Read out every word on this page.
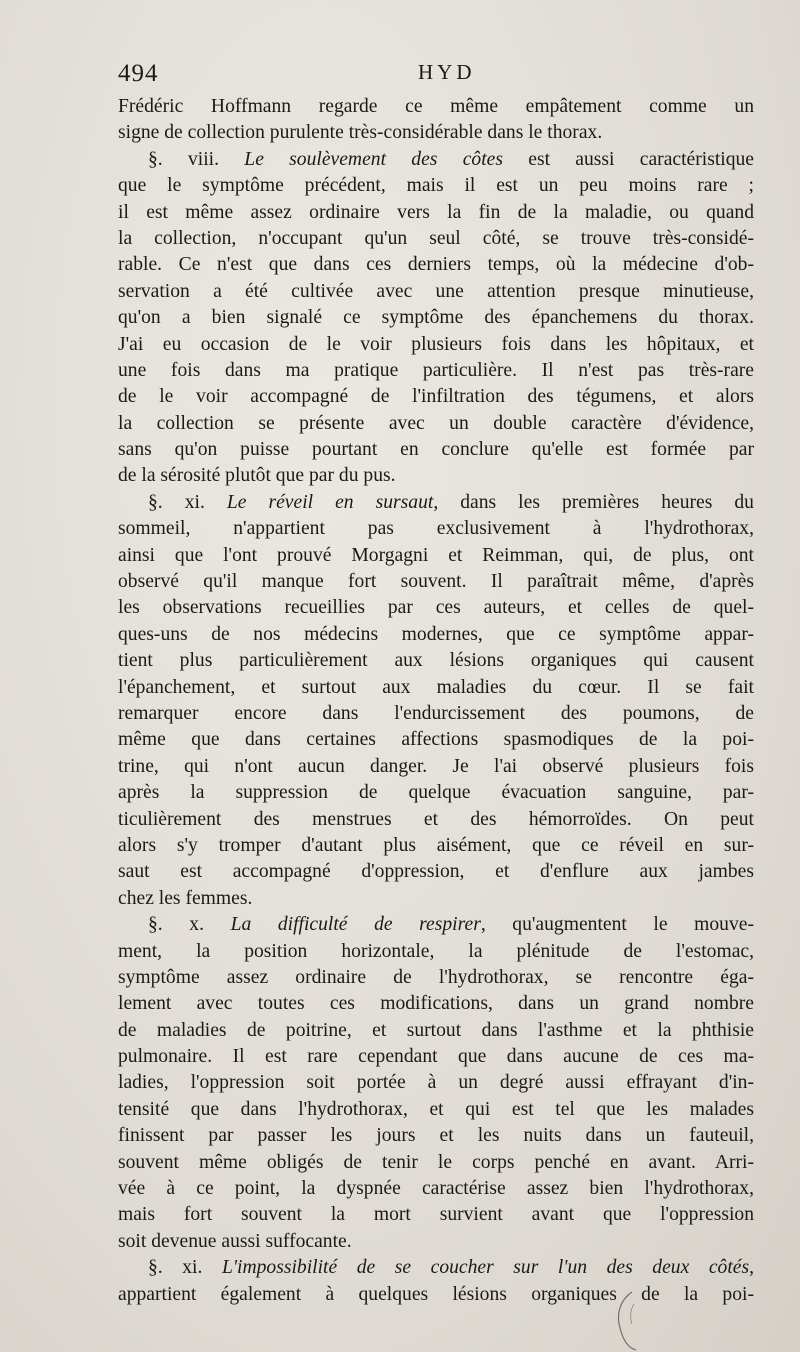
494	HYD
Frédéric Hoffmann regarde ce même empâtement comme un
signe de collection purulente très-considérable dans le thorax.
§. viii. Le soulèvement des côtes est aussi caractéristique
que le symptôme précédent, mais il est un peu moins rare ;
il est même assez ordinaire vers la fin de la maladie, ou quand
la collection, n'occupant qu'un seul côté, se trouve très-considé-
rable. Ce n'est que dans ces derniers temps, où la médecine d'ob-
servation a été cultivée avec une attention presque minutieuse,
qu'on a bien signalé ce symptôme des épanchemens du thorax.
J'ai eu occasion de le voir plusieurs fois dans les hôpitaux, et
une fois dans ma pratique particulière. Il n'est pas très-rare
de le voir accompagné de l'infiltration des tégumens, et alors
la collection se présente avec un double caractère d'évidence,
sans qu'on puisse pourtant en conclure qu'elle est formée par
de la sérosité plutôt que par du pus.
§. xi. Le réveil en sursaut, dans les premières heures du
sommeil, n'appartient pas exclusivement à l'hydrothorax,
ainsi que l'ont prouvé Morgagni et Reimman, qui, de plus, ont
observé qu'il manque fort souvent. Il paraîtrait même, d'après
les observations recueillies par ces auteurs, et celles de quel-
ques-uns de nos médecins modernes, que ce symptôme appar-
tient plus particulièrement aux lésions organiques qui causent
l'épanchement, et surtout aux maladies du cœur. Il se fait
remarquer encore dans l'endurcissement des poumons, de
même que dans certaines affections spasmodiques de la poi-
trine, qui n'ont aucun danger. Je l'ai observé plusieurs fois
après la suppression de quelque évacuation sanguine, par-
ticulièrement des menstrues et des hémorroïdes. On peut
alors s'y tromper d'autant plus aisément, que ce réveil en sur-
saut est accompagné d'oppression, et d'enflure aux jambes
chez les femmes.
§. x. La difficulté de respirer, qu'augmentent le mouve-
ment, la position horizontale, la plénitude de l'estomac,
symptôme assez ordinaire de l'hydrothorax, se rencontre éga-
lement avec toutes ces modifications, dans un grand nombre
de maladies de poitrine, et surtout dans l'asthme et la phthisie
pulmonaire. Il est rare cependant que dans aucune de ces ma-
ladies, l'oppression soit portée à un degré aussi effrayant d'in-
tensité que dans l'hydrothorax, et qui est tel que les malades
finissent par passer les jours et les nuits dans un fauteuil,
souvent même obligés de tenir le corps penché en avant. Arri-
vée à ce point, la dyspnée caractérise assez bien l'hydrothorax,
mais fort souvent la mort survient avant que l'oppression
soit devenue aussi suffocante.
§. xi. L'impossibilité de se coucher sur l'un des deux côtés,
appartient également à quelques lésions organiques de la poi-
